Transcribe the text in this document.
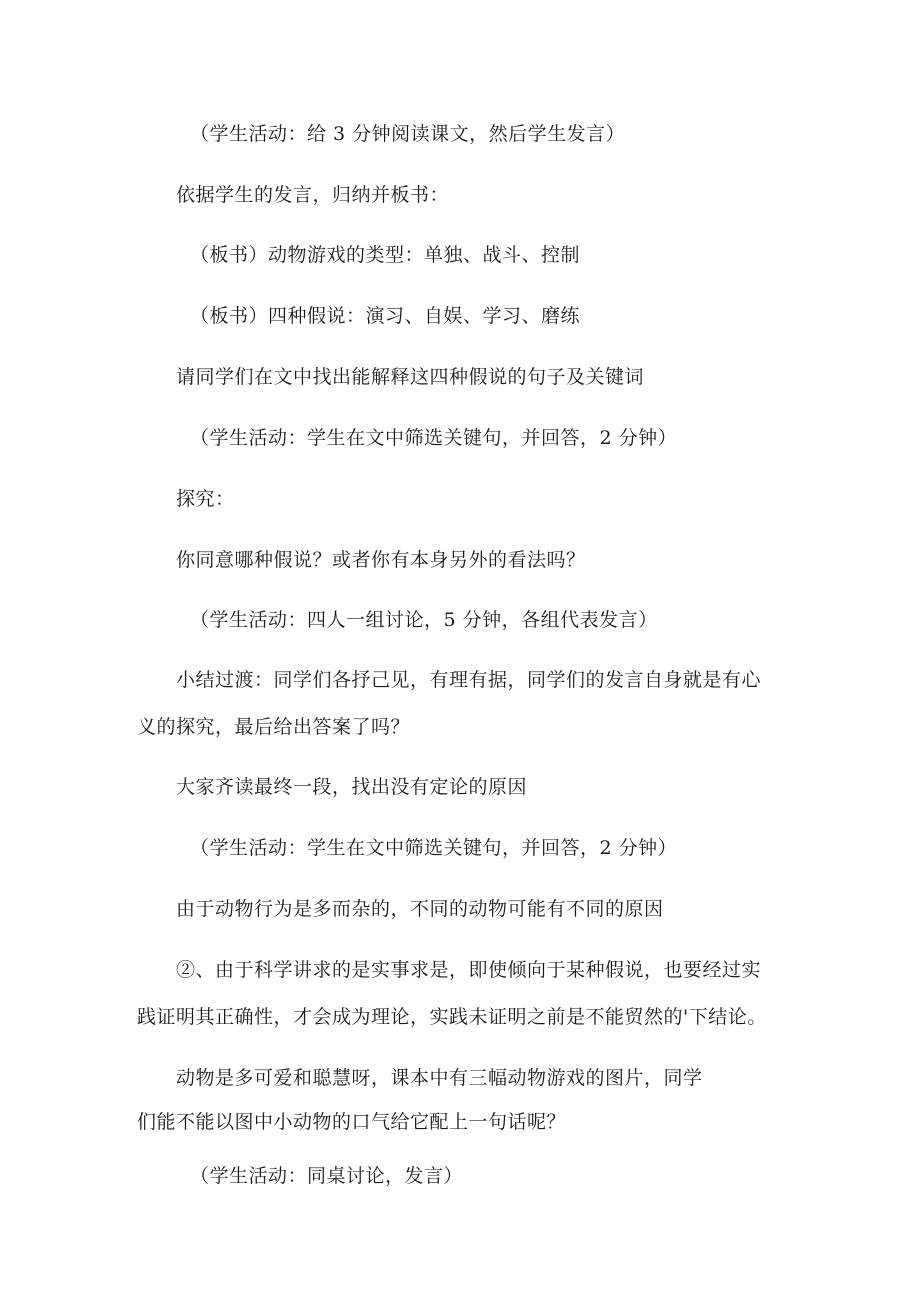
（学生活动：给 3 分钟阅读课文，然后学生发言）
依据学生的发言，归纳并板书：
（板书）动物游戏的类型：单独、战斗、控制
（板书）四种假说：演习、自娱、学习、磨练
请同学们在文中找出能解释这四种假说的句子及关键词
（学生活动：学生在文中筛选关键句，并回答，2 分钟）
探究：
你同意哪种假说？或者你有本身另外的看法吗？
（学生活动：四人一组讨论，5 分钟，各组代表发言）
小结过渡：同学们各抒己见，有理有据，同学们的发言自身就是有心
义的探究，最后给出答案了吗？
大家齐读最终一段，找出没有定论的原因
（学生活动：学生在文中筛选关键句，并回答，2 分钟）
由于动物行为是多而杂的，不同的动物可能有不同的原因
②、由于科学讲求的是实事求是，即使倾向于某种假说，也要经过实
践证明其正确性，才会成为理论，实践未证明之前是不能贸然的'下结论。
动物是多可爱和聪慧呀，课本中有三幅动物游戏的图片，同学
们能不能以图中小动物的口气给它配上一句话呢？
（学生活动：同桌讨论，发言）
